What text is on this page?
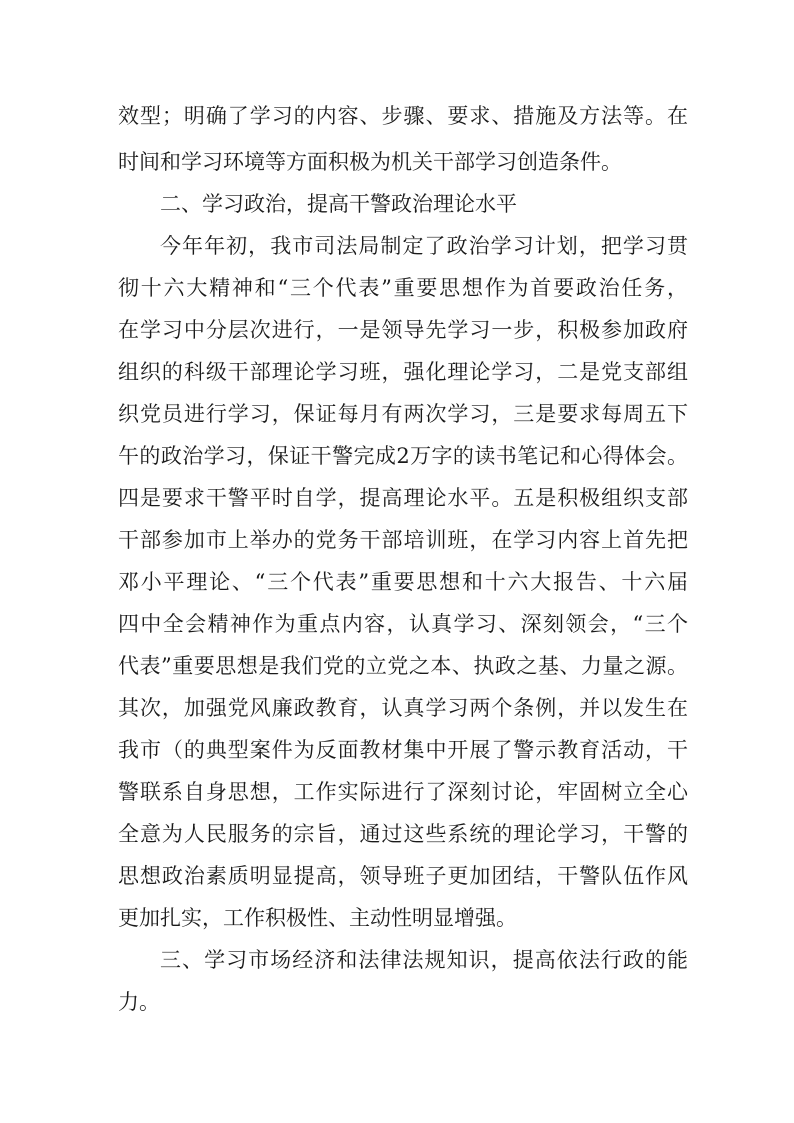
效型；明确了学习的内容、步骤、要求、措施及方法等。在
时间和学习环境等方面积极为机关干部学习创造条件。
二、学习政治，提高干警政治理论水平
今年年初，我市司法局制定了政治学习计划，把学习贯
彻十六大精神和“三个代表”重要思想作为首要政治任务，
在学习中分层次进行，一是领导先学习一步，积极参加政府
组织的科级干部理论学习班，强化理论学习，二是党支部组
织党员进行学习，保证每月有两次学习，三是要求每周五下
午的政治学习，保证干警完成2万字的读书笔记和心得体会。
四是要求干警平时自学，提高理论水平。五是积极组织支部
干部参加市上举办的党务干部培训班，在学习内容上首先把
邓小平理论、“三个代表”重要思想和十六大报告、十六届
四中全会精神作为重点内容，认真学习、深刻领会，“三个
代表”重要思想是我们党的立党之本、执政之基、力量之源。
其次，加强党风廉政教育，认真学习两个条例，并以发生在
我市（的典型案件为反面教材集中开展了警示教育活动，干
警联系自身思想，工作实际进行了深刻讨论，牢固树立全心
全意为人民服务的宗旨，通过这些系统的理论学习，干警的
思想政治素质明显提高，领导班子更加团结，干警队伍作风
更加扎实，工作积极性、主动性明显增强。
三、学习市场经济和法律法规知识，提高依法行政的能
力。
